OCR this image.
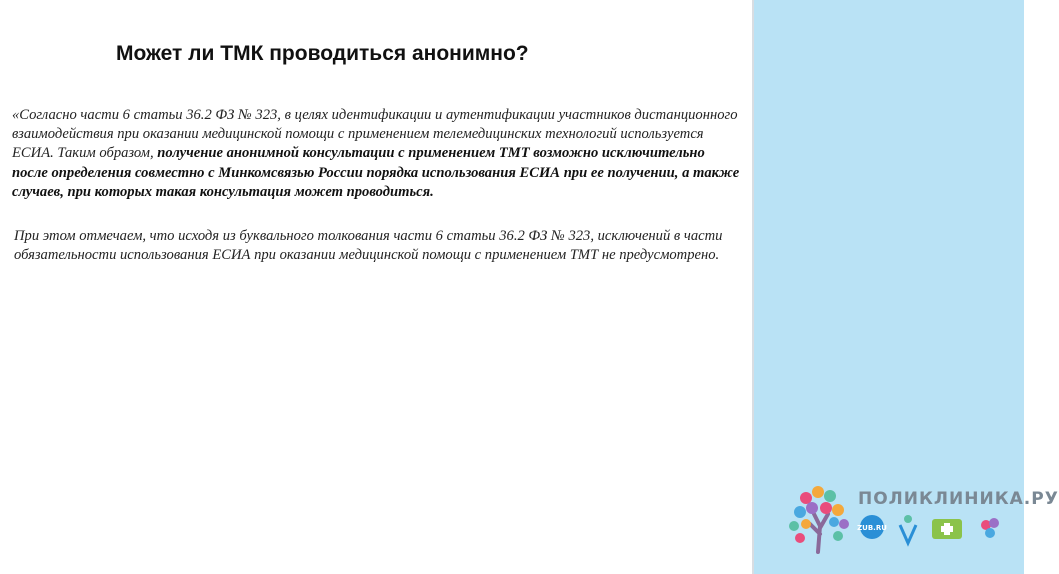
Может ли ТМК проводиться анонимно?
«Согласно части 6 статьи 36.2 ФЗ № 323, в целях идентификации и аутентификации участников дистанционного взаимодействия при оказании медицинской помощи с применением телемедицинских технологий используется ЕСИА. Таким образом, получение анонимной консультации с применением ТМТ возможно исключительно после определения совместно с Минкомсвязью России порядка использования ЕСИА при ее получении, а также случаев, при которых такая консультация может проводиться.
При этом отмечаем, что исходя из буквального толкования части 6 статьи 36.2 ФЗ № 323, исключений в части обязательности использования ЕСИА при оказании медицинской помощи с применением ТМТ не предусмотрено.
ПОЛИКЛИНИКА.РУ
ZUB.RU
